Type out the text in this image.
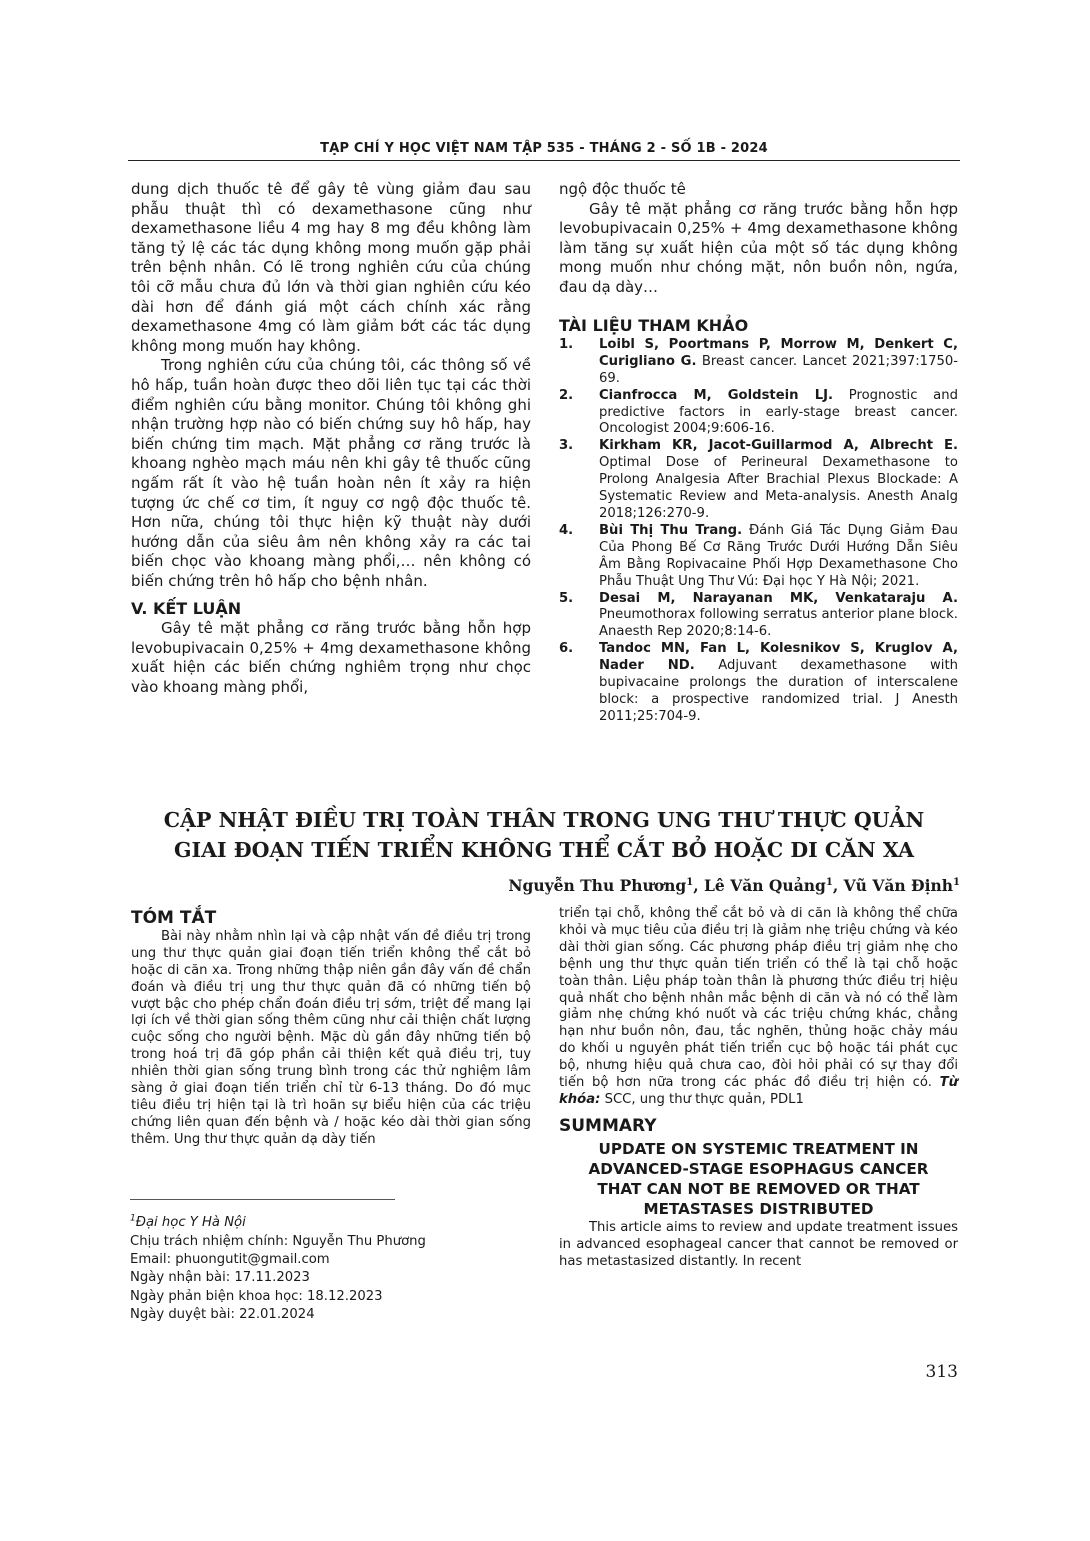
TẠP CHÍ Y HỌC VIỆT NAM TẬP 535 - THÁNG 2 - SỐ 1B - 2024

dung dịch thuốc tê để gây tê vùng giảm đau sau phẫu thuật thì có dexamethasone cũng như dexamethasone liều 4 mg hay 8 mg đều không làm tăng tỷ lệ các tác dụng không mong muốn gặp phải trên bệnh nhân. Có lẽ trong nghiên cứu của chúng tôi cỡ mẫu chưa đủ lớn và thời gian nghiên cứu kéo dài hơn để đánh giá một cách chính xác rằng dexamethasone 4mg có làm giảm bớt các tác dụng không mong muốn hay không.

Trong nghiên cứu của chúng tôi, các thông số về hô hấp, tuần hoàn được theo dõi liên tục tại các thời điểm nghiên cứu bằng monitor. Chúng tôi không ghi nhận trường hợp nào có biến chứng suy hô hấp, hay biến chứng tim mạch. Mặt phẳng cơ răng trước là khoang nghèo mạch máu nên khi gây tê thuốc cũng ngấm rất ít vào hệ tuần hoàn nên ít xảy ra hiện tượng ức chế cơ tim, ít nguy cơ ngộ độc thuốc tê. Hơn nữa, chúng tôi thực hiện kỹ thuật này dưới hướng dẫn của siêu âm nên không xảy ra các tai biến chọc vào khoang màng phổi,… nên không có biến chứng trên hô hấp cho bệnh nhân.

V. KẾT LUẬN

Gây tê mặt phẳng cơ răng trước bằng hỗn hợp levobupivacain 0,25% + 4mg dexamethasone không xuất hiện các biến chứng nghiêm trọng như chọc vào khoang màng phổi,

ngộ độc thuốc tê

Gây tê mặt phẳng cơ răng trước bằng hỗn hợp levobupivacain 0,25% + 4mg dexamethasone không làm tăng sự xuất hiện của một số tác dụng không mong muốn như chóng mặt, nôn buồn nôn, ngứa, đau dạ dày…

TÀI LIỆU THAM KHẢO

1. Loibl S, Poortmans P, Morrow M, Denkert C, Curigliano G. Breast cancer. Lancet 2021;397:1750-69.

2. Cianfrocca M, Goldstein LJ. Prognostic and predictive factors in early-stage breast cancer. Oncologist 2004;9:606-16.

3. Kirkham KR, Jacot-Guillarmod A, Albrecht E. Optimal Dose of Perineural Dexamethasone to Prolong Analgesia After Brachial Plexus Blockade: A Systematic Review and Meta-analysis. Anesth Analg 2018;126:270-9.

4. Bùi Thị Thu Trang. Đánh Giá Tác Dụng Giảm Đau Của Phong Bế Cơ Răng Trước Dưới Hướng Dẫn Siêu Âm Bằng Ropivacaine Phối Hợp Dexamethasone Cho Phẫu Thuật Ung Thư Vú: Đại học Y Hà Nội; 2021.

5. Desai M, Narayanan MK, Venkataraju A. Pneumothorax following serratus anterior plane block. Anaesth Rep 2020;8:14-6.

6. Tandoc MN, Fan L, Kolesnikov S, Kruglov A, Nader ND. Adjuvant dexamethasone with bupivacaine prolongs the duration of interscalene block: a prospective randomized trial. J Anesth 2011;25:704-9.

CẬP NHẬT ĐIỀU TRỊ TOÀN THÂN TRONG UNG THƯ THỰC QUẢN
GIAI ĐOẠN TIẾN TRIỂN KHÔNG THỂ CẮT BỎ HOẶC DI CĂN XA
Nguyễn Thu Phương$^1$, Lê Văn Quảng$^1$, Vũ Văn Định$^1$

TÓM TẮT

Bài này nhằm nhìn lại và cập nhật vấn đề điều trị trong ung thư thực quản giai đoạn tiến triển không thể cắt bỏ hoặc di căn xa. Trong những thập niên gần đây vấn đề chẩn đoán và điều trị ung thư thực quản đã có những tiến bộ vượt bậc cho phép chẩn đoán điều trị sớm, triệt để mang lại lợi ích về thời gian sống thêm cũng như cải thiện chất lượng cuộc sống cho người bệnh. Mặc dù gần đây những tiến bộ trong hoá trị đã góp phần cải thiện kết quả điều trị, tuy nhiên thời gian sống trung bình trong các thử nghiệm lâm sàng ở giai đoạn tiến triển chỉ từ 6-13 tháng. Do đó mục tiêu điều trị hiện tại là trì hoãn sự biểu hiện của các triệu chứng liên quan đến bệnh và / hoặc kéo dài thời gian sống thêm. Ung thư thực quản dạ dày tiến

triển tại chỗ, không thể cắt bỏ và di căn là không thể chữa khỏi và mục tiêu của điều trị là giảm nhẹ triệu chứng và kéo dài thời gian sống. Các phương pháp điều trị giảm nhẹ cho bệnh ung thư thực quản tiến triển có thể là tại chỗ hoặc toàn thân. Liệu pháp toàn thân là phương thức điều trị hiệu quả nhất cho bệnh nhân mắc bệnh di căn và nó có thể làm giảm nhẹ chứng khó nuốt và các triệu chứng khác, chẳng hạn như buồn nôn, đau, tắc nghẽn, thủng hoặc chảy máu do khối u nguyên phát tiến triển cục bộ hoặc tái phát cục bộ, nhưng hiệu quả chưa cao, đòi hỏi phải có sự thay đổi tiến bộ hơn nữa trong các phác đồ điều trị hiện có. Từ khóa: SCC, ung thư thực quản, PDL1

SUMMARY

UPDATE ON SYSTEMIC TREATMENT IN ADVANCED-STAGE ESOPHAGUS CANCER THAT CAN NOT BE REMOVED OR THAT METASTASES DISTRIBUTED

This article aims to review and update treatment issues in advanced esophageal cancer that cannot be removed or has metastasized distantly. In recent

$^1$Đại học Y Hà Nội

Chịu trách nhiệm chính: Nguyễn Thu Phương

Email: phuongutit@gmail.com

Ngày nhận bài: 17.11.2023

Ngày phản biện khoa học: 18.12.2023

Ngày duyệt bài: 22.01.2024

313
